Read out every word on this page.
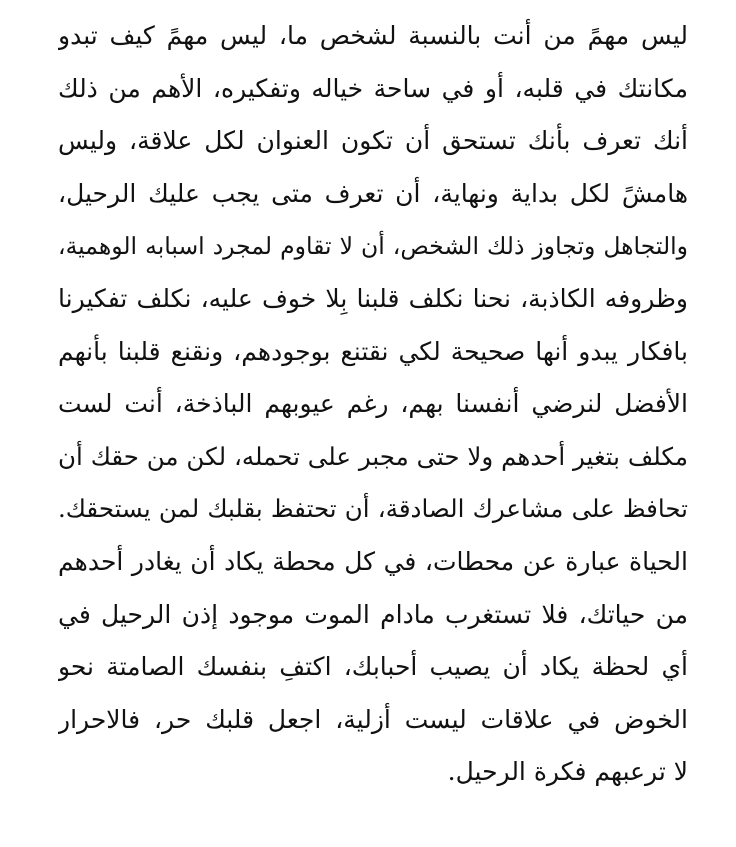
ليس مهمً من أنت بالنسبة لشخص ما، ليس مهمً كيف تبدو
مكانتك في قلبه، أو في ساحة خياله وتفكيره، الأهم من ذلك
أنك تعرف بأنك تستحق أن تكون العنوان لكل علاقة، وليس
هامشً لكل بداية ونهاية، أن تعرف متى يجب عليك الرحيل،
والتجاهل وتجاوز ذلك الشخص، أن لا تقاوم لمجرد اسبابه الوهمية،
وظروفه الكاذبة، نحنا نكلف قلبنا بِلا خوف عليه، نكلف تفكيرنا
بافكار يبدو أنها صحيحة لكي نقتنع بوجودهم، ونقنع قلبنا بأنهم
الأفضل لنرضي أنفسنا بهم، رغم عيوبهم الباذخة، أنت لست
مكلف بتغير أحدهم ولا حتى مجبر على تحمله، لكن من حقك أن
تحافظ على مشاعرك الصادقة، أن تحتفظ بقلبك لمن يستحقك.
الحياة عبارة عن محطات، في كل محطة يكاد أن يغادر أحدهم
من حياتك، فلا تستغرب مادام الموت موجود إذن الرحيل في
أي لحظة يكاد أن يصيب أحبابك، اكتفِ بنفسك الصامتة نحو
الخوض في علاقات ليست أزلية، اجعل قلبك حر، فالاحرار
لا ترعبهم فكرة الرحيل.
